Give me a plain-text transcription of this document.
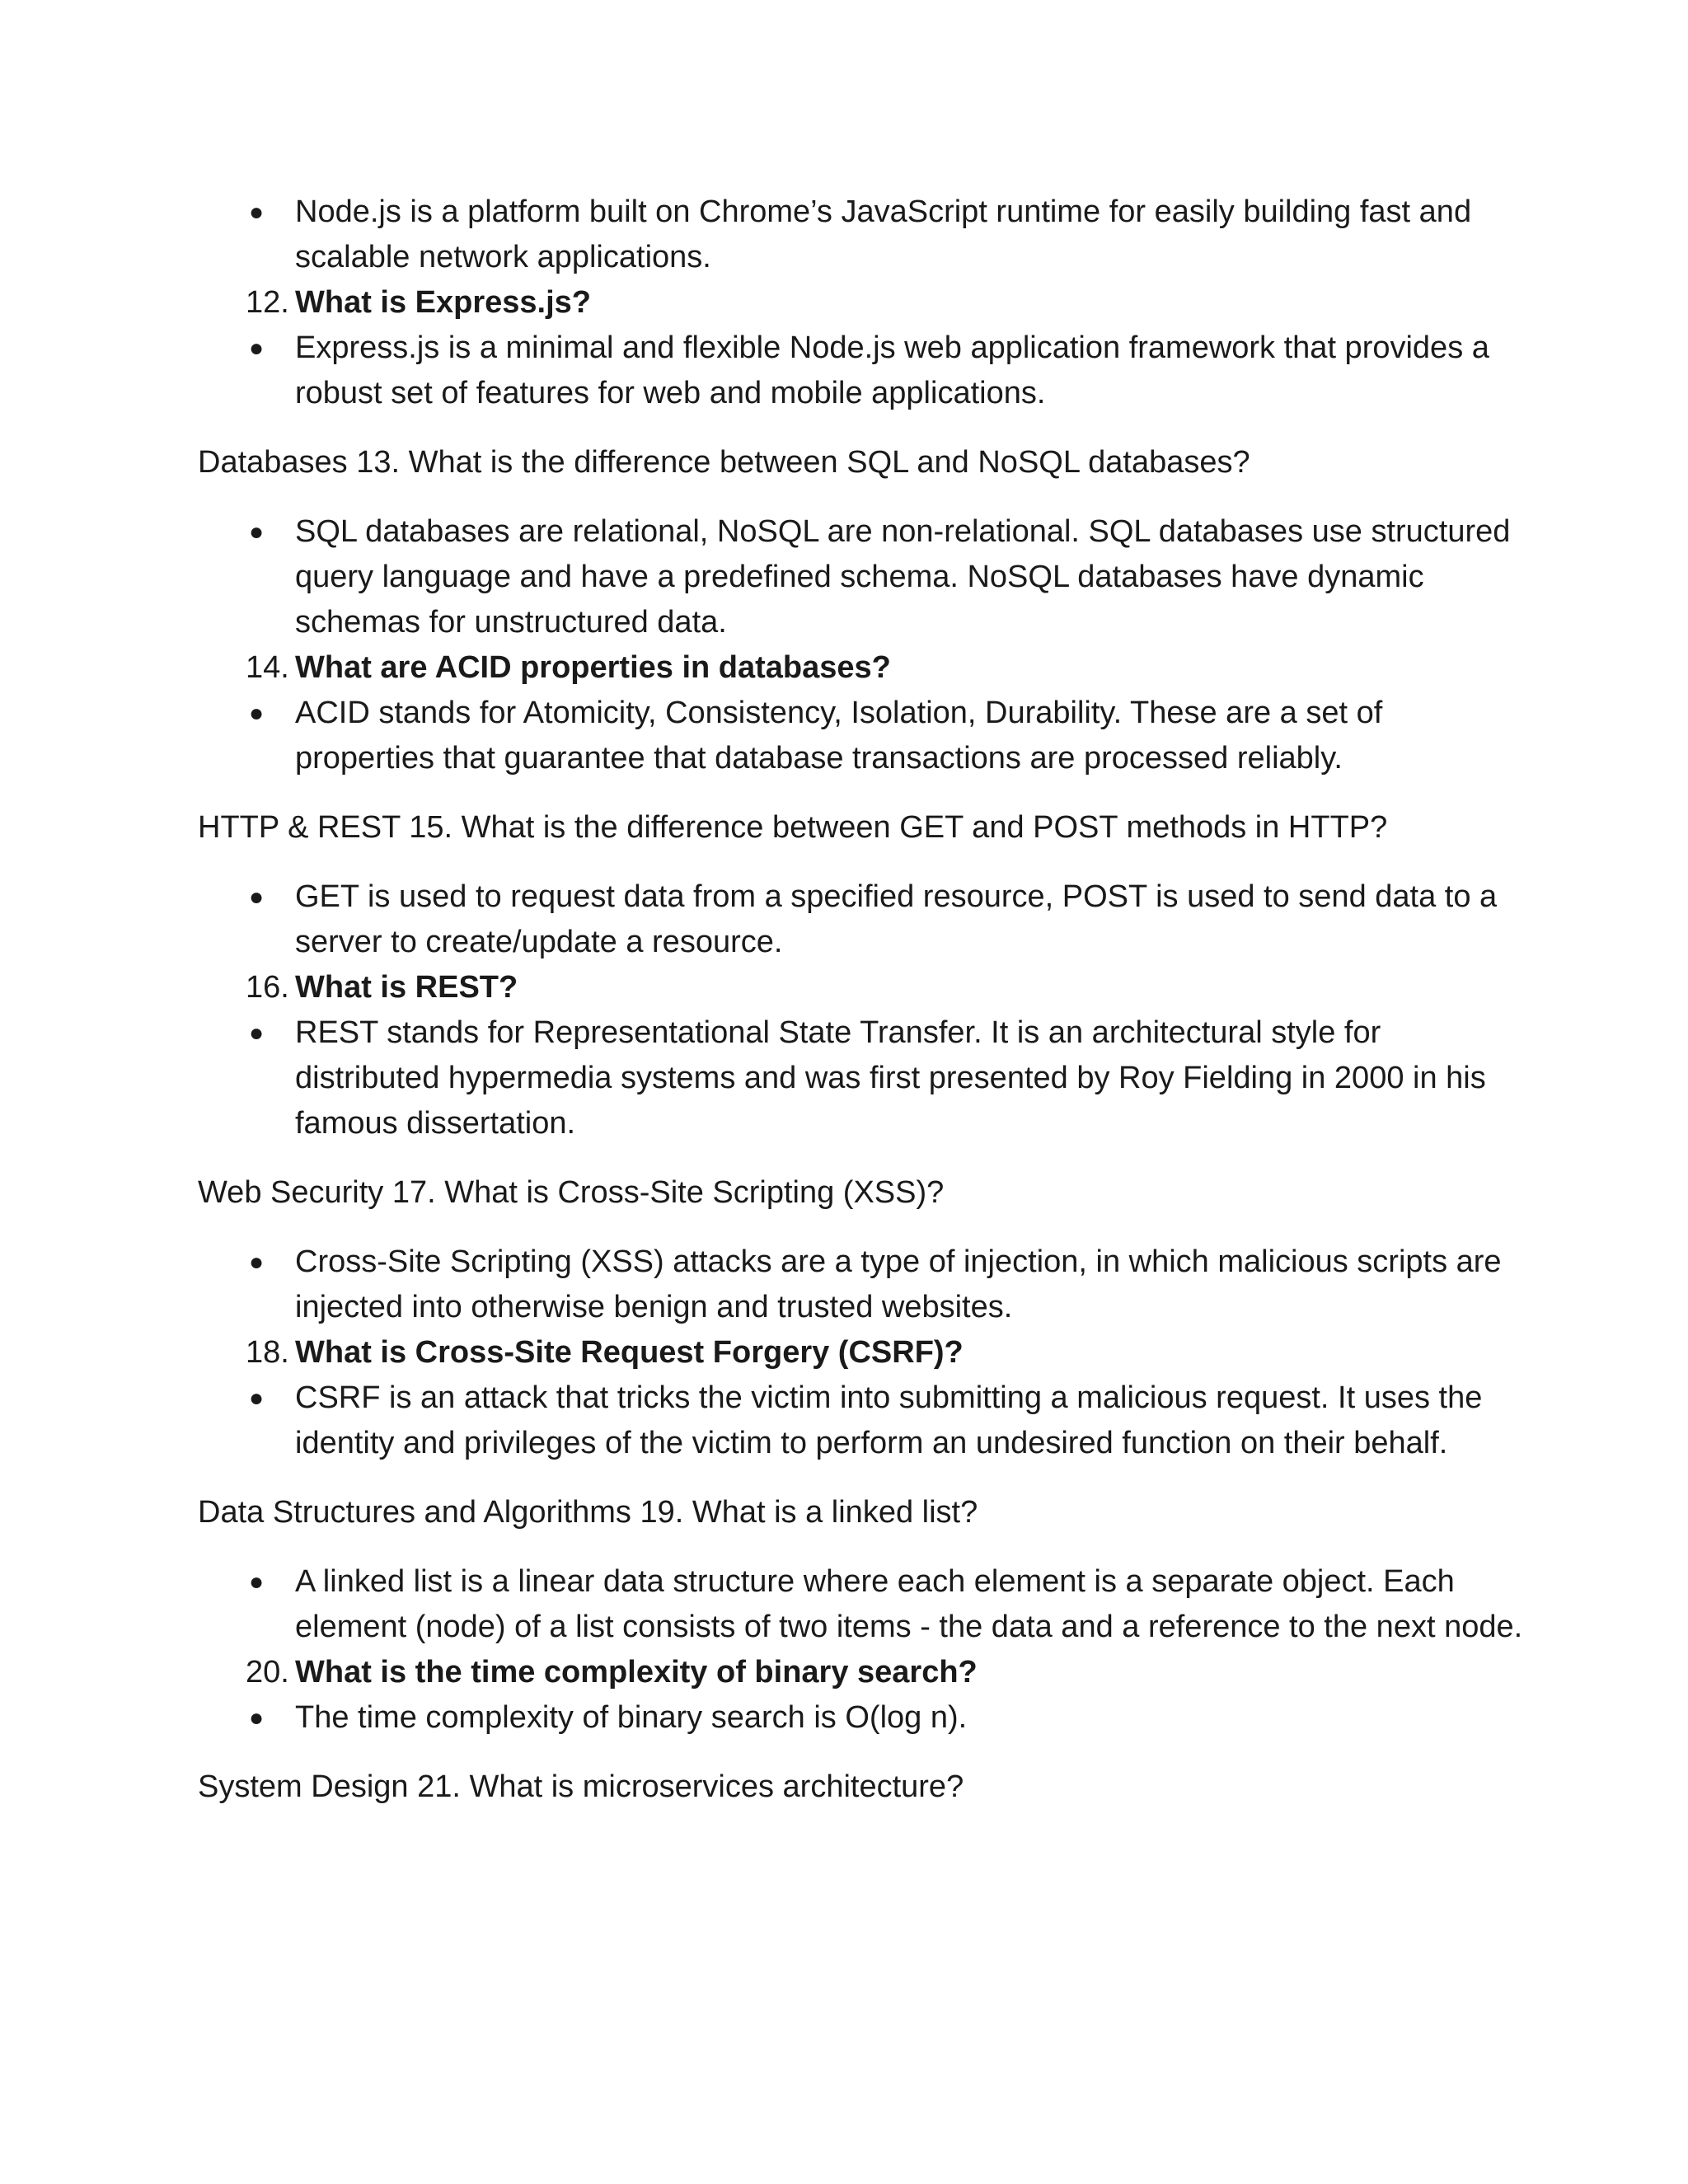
● Node.js is a platform built on Chrome’s JavaScript runtime for easily building fast and scalable network applications.

12. What is Express.js?

● Express.js is a minimal and flexible Node.js web application framework that provides a robust set of features for web and mobile applications.

Databases 13. What is the difference between SQL and NoSQL databases?

● SQL databases are relational, NoSQL are non-relational. SQL databases use structured query language and have a predefined schema. NoSQL databases have dynamic schemas for unstructured data.

14. What are ACID properties in databases?

● ACID stands for Atomicity, Consistency, Isolation, Durability. These are a set of properties that guarantee that database transactions are processed reliably.

HTTP & REST 15. What is the difference between GET and POST methods in HTTP?

● GET is used to request data from a specified resource, POST is used to send data to a server to create/update a resource.

16. What is REST?

● REST stands for Representational State Transfer. It is an architectural style for distributed hypermedia systems and was first presented by Roy Fielding in 2000 in his famous dissertation.

Web Security 17. What is Cross-Site Scripting (XSS)?

● Cross-Site Scripting (XSS) attacks are a type of injection, in which malicious scripts are injected into otherwise benign and trusted websites.

18. What is Cross-Site Request Forgery (CSRF)?

● CSRF is an attack that tricks the victim into submitting a malicious request. It uses the identity and privileges of the victim to perform an undesired function on their behalf.

Data Structures and Algorithms 19. What is a linked list?

● A linked list is a linear data structure where each element is a separate object. Each element (node) of a list consists of two items - the data and a reference to the next node.

20. What is the time complexity of binary search?

● The time complexity of binary search is O(log n).

System Design 21. What is microservices architecture?
